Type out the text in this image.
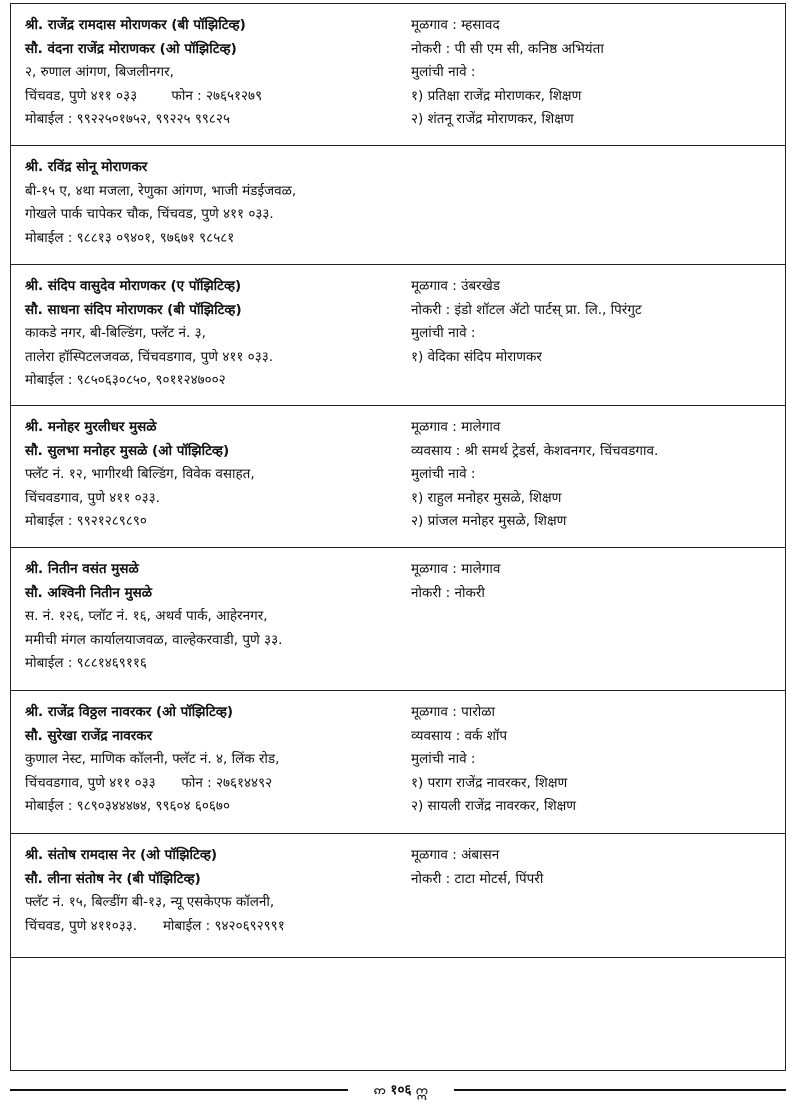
श्री. राजेंद्र रामदास मोराणकर (बी पॉझिटिव्ह)
सौ. वंदना राजेंद्र मोराणकर (ओ पॉझिटिव्ह)
२, रुणाल आंगण, बिजलीनगर,
चिंचवड, पुणे ४११ ०३३        फोन : २७६५१२७९
मोबाईल : ९९२२५०१७५२, ९९२२५ ९९८२५
मूळगाव : म्हसावद
नोकरी : पी सी एम सी, कनिष्ठ अभियंता
मुलांची नावे :
१) प्रतिक्षा राजेंद्र मोराणकर, शिक्षण
२) शंतनू राजेंद्र मोराणकर, शिक्षण
श्री. रविंद्र सोनू मोराणकर
बी-१५ ए, ४था मजला, रेणुका आंगण, भाजी मंडईजवळ,
गोखले पार्क चापेकर चौक, चिंचवड, पुणे ४११ ०३३.
मोबाईल : ९८८१३ ०९४०१, ९७६७१ ९८५८१
श्री. संदिप वासुदेव मोराणकर (ए पॉझिटिव्ह)
सौ. साधना संदिप मोराणकर (बी पॉझिटिव्ह)
काकडे नगर, बी-बिल्डिंग, फ्लॅट नं. ३,
तालेरा हॉस्पिटलजवळ, चिंचवडगाव, पुणे ४११ ०३३.
मोबाईल : ९८५०६३०८५०, ९०११२४७००२
मूळगाव : उंबरखेड
नोकरी : इंडो शॉटल ॲटो पार्टस् प्रा. लि., पिरंगुट
मुलांची नावे :
१) वेदिका संदिप मोराणकर
श्री. मनोहर मुरलीधर मुसळे
सौ. सुलभा मनोहर मुसळे (ओ पॉझिटिव्ह)
फ्लॅट नं. १२, भागीरथी बिल्डिंग, विवेक वसाहत,
चिंचवडगाव, पुणे ४११ ०३३.
मोबाईल : ९९२१२८९८९०
मूळगाव : मालेगाव
व्यवसाय : श्री समर्थ ट्रेडर्स, केशवनगर, चिंचवडगाव.
मुलांची नावे :
१) राहुल मनोहर मुसळे, शिक्षण
२) प्रांजल मनोहर मुसळे, शिक्षण
श्री. नितीन वसंत मुसळे
सौ. अश्विनी नितीन मुसळे
स. नं. १२६, प्लॉट नं. १६, अथर्व पार्क, आहेरनगर,
ममीची मंगल कार्यालयाजवळ, वाल्हेकरवाडी, पुणे ३३.
मोबाईल : ९८८१४६९११६
मूळगाव : मालेगाव
नोकरी : नोकरी
श्री. राजेंद्र विठ्ठल नावरकर (ओ पॉझिटिव्ह)
सौ. सुरेखा राजेंद्र नावरकर
कुणाल नेस्ट, माणिक कॉलनी, फ्लॅट नं. ४, लिंक रोड,
चिंचवडगाव, पुणे ४११ ०३३      फोन : २७६१४४९२
मोबाईल : ९८९०३४४४७४, ९९६०४ ६०६७०
मूळगाव : पारोळा
व्यवसाय : वर्क शॉप
मुलांची नावे :
१) पराग राजेंद्र नावरकर, शिक्षण
२) सायली राजेंद्र नावरकर, शिक्षण
श्री. संतोष रामदास नेर (ओ पॉझिटिव्ह)
सौ. लीना संतोष नेर (बी पॉझिटिव्ह)
फ्लॅट नं. १५, बिल्डींग बी-१३, न्यू एसकेएफ कॉलनी,
चिंचवड, पुणे ४११०३३.      मोबाईल : ९४२०६९२९९१
मूळगाव : अंबासन
नोकरी : टाटा मोटर्स, पिंपरी
ဢ १०६ ဣ
